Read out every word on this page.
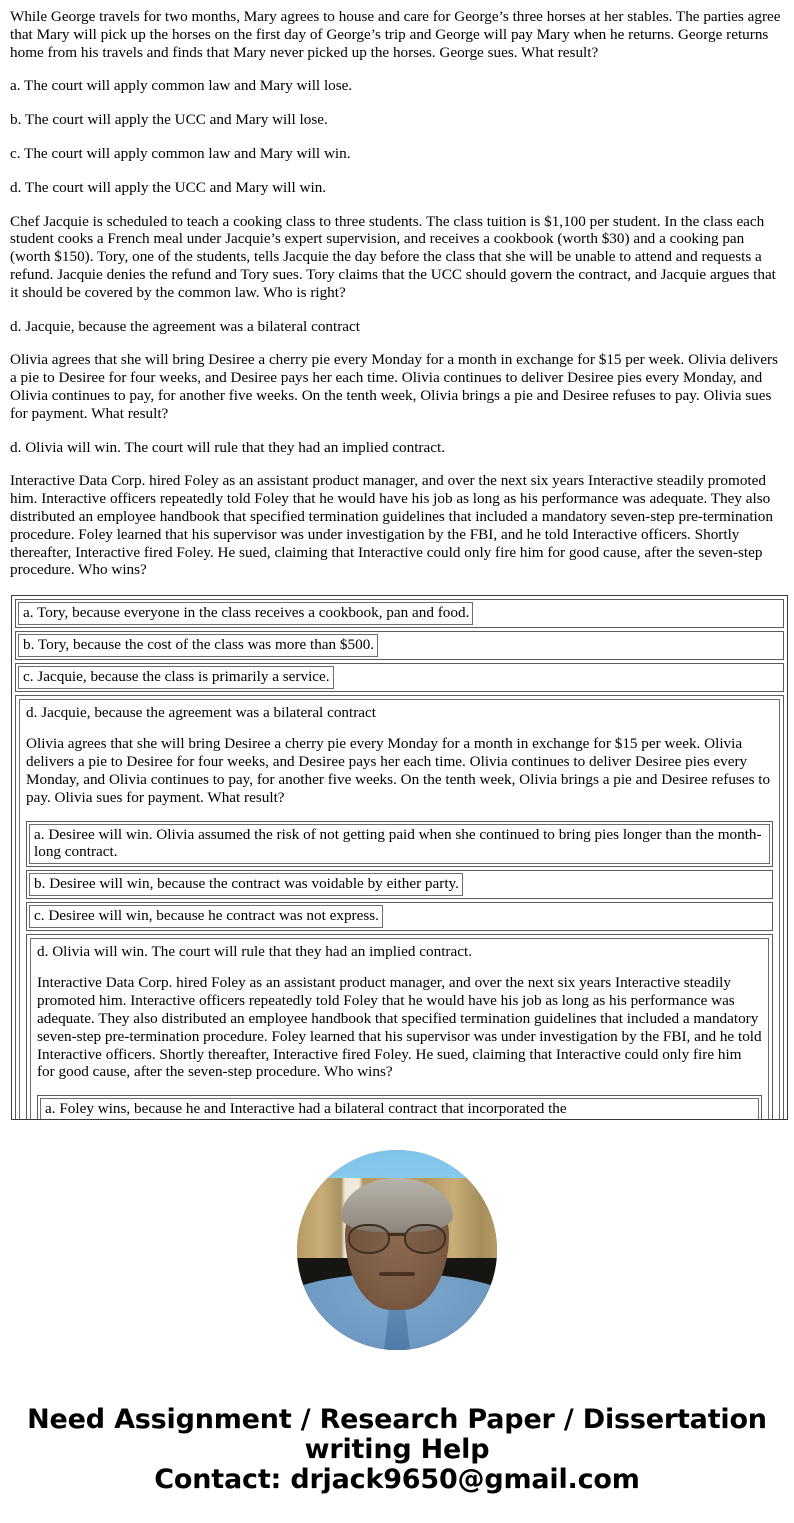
While George travels for two months, Mary agrees to house and care for George’s three horses at her stables. The parties agree that Mary will pick up the horses on the first day of George’s trip and George will pay Mary when he returns. George returns home from his travels and finds that Mary never picked up the horses. George sues. What result?

a. The court will apply common law and Mary will lose.

b. The court will apply the UCC and Mary will lose.

c. The court will apply common law and Mary will win.

d. The court will apply the UCC and Mary will win.

Chef Jacquie is scheduled to teach a cooking class to three students. The class tuition is $1,100 per student. In the class each student cooks a French meal under Jacquie’s expert supervision, and receives a cookbook (worth $30) and a cooking pan (worth $150). Tory, one of the students, tells Jacquie the day before the class that she will be unable to attend and requests a refund. Jacquie denies the refund and Tory sues. Tory claims that the UCC should govern the contract, and Jacquie argues that it should be covered by the common law. Who is right?

d. Jacquie, because the agreement was a bilateral contract

Olivia agrees that she will bring Desiree a cherry pie every Monday for a month in exchange for $15 per week. Olivia delivers a pie to Desiree for four weeks, and Desiree pays her each time. Olivia continues to deliver Desiree pies every Monday, and Olivia continues to pay, for another five weeks. On the tenth week, Olivia brings a pie and Desiree refuses to pay. Olivia sues for payment. What result?

d. Olivia will win. The court will rule that they had an implied contract.

Interactive Data Corp. hired Foley as an assistant product manager, and over the next six years Interactive steadily promoted him. Interactive officers repeatedly told Foley that he would have his job as long as his performance was adequate. They also distributed an employee handbook that specified termination guidelines that included a mandatory seven-step pre-termination procedure. Foley learned that his supervisor was under investigation by the FBI, and he told Interactive officers. Shortly thereafter, Interactive fired Foley. He sued, claiming that Interactive could only fire him for good cause, after the seven-step procedure. Who wins?

a. Tory, because everyone in the class receives a cookbook, pan and food.

b. Tory, because the cost of the class was more than $500.

c. Jacquie, because the class is primarily a service.

d. Jacquie, because the agreement was a bilateral contract

Olivia agrees that she will bring Desiree a cherry pie every Monday for a month in exchange for $15 per week. Olivia delivers a pie to Desiree for four weeks, and Desiree pays her each time. Olivia continues to deliver Desiree pies every Monday, and Olivia continues to pay, for another five weeks. On the tenth week, Olivia brings a pie and Desiree refuses to pay. Olivia sues for payment. What result?

a. Desiree will win. Olivia assumed the risk of not getting paid when she continued to bring pies longer than the month-long contract.

b. Desiree will win, because the contract was voidable by either party.

c. Desiree will win, because he contract was not express.

d. Olivia will win. The court will rule that they had an implied contract.

Interactive Data Corp. hired Foley as an assistant product manager, and over the next six years Interactive steadily promoted him. Interactive officers repeatedly told Foley that he would have his job as long as his performance was adequate. They also distributed an employee handbook that specified termination guidelines that included a mandatory seven-step pre-termination procedure. Foley learned that his supervisor was under investigation by the FBI, and he told Interactive officers. Shortly thereafter, Interactive fired Foley. He sued, claiming that Interactive could only fire him for good cause, after the seven-step procedure. Who wins?

a. Foley wins, because he and Interactive had a bilateral contract that incorporated the

Need Assignment / Research Paper / Dissertation
writing Help
Contact: drjack9650@gmail.com
